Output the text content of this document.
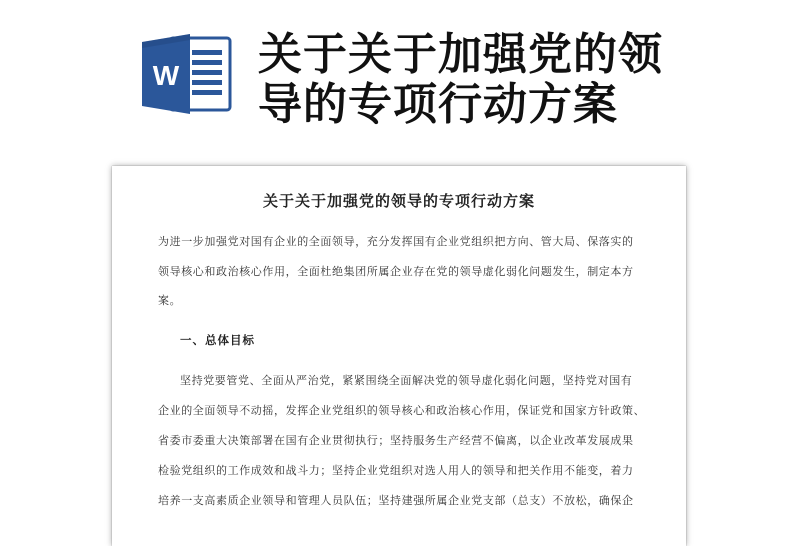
W 关于关于加强党的领
导的专项行动方案
关于关于加强党的领导的专项行动方案
为进一步加强党对国有企业的全面领导，充分发挥国有企业党组织把方向、管大局、保落实的
领导核心和政治核心作用，全面杜绝集团所属企业存在党的领导虚化弱化问题发生，制定本方
案。
一、总体目标
坚持党要管党、全面从严治党，紧紧围绕全面解决党的领导虚化弱化问题，坚持党对国有
企业的全面领导不动摇，发挥企业党组织的领导核心和政治核心作用，保证党和国家方针政策、
省委市委重大决策部署在国有企业贯彻执行；坚持服务生产经营不偏离，以企业改革发展成果
检验党组织的工作成效和战斗力；坚持企业党组织对选人用人的领导和把关作用不能变，着力
培养一支高素质企业领导和管理人员队伍；坚持建强所属企业党支部（总支）不放松，确保企
